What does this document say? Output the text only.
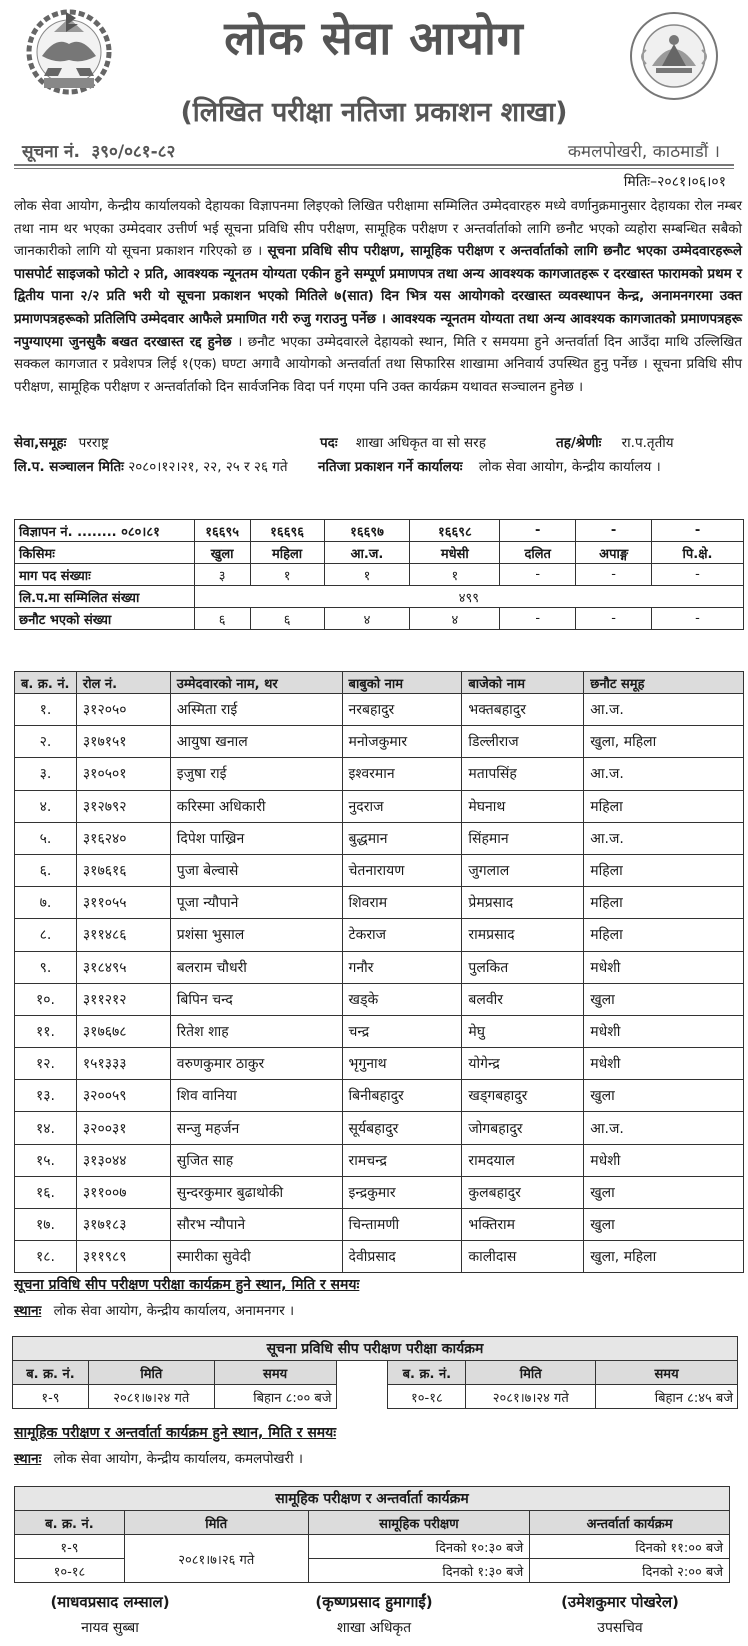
लोक सेवा आयोग
(लिखित परीक्षा नतिजा प्रकाशन शाखा)
सूचना नं. ३९०/०८१-८२	कमलपोखरी, काठमाडौं ।
मितिः–२०८१।०६।०१
लोक सेवा आयोग, केन्द्रीय कार्यालयको देहायका विज्ञापनमा लिइएको लिखित परीक्षामा सम्मिलित उम्मेदवारहरु मध्ये वर्णानुक्रमानुसार देहायका रोल नम्बर तथा नाम थर भएका उम्मेदवार उत्तीर्ण भई सूचना प्रविधि सीप परीक्षण, सामूहिक परीक्षण र अन्तर्वार्ताको लागि छनौट भएको व्यहोरा सम्बन्धित सबैको जानकारीको लागि यो सूचना प्रकाशन गरिएको छ । सूचना प्रविधि सीप परीक्षण, सामूहिक परीक्षण र अन्तर्वार्ताको लागि छनौट भएका उम्मेदवारहरूले पासपोर्ट साइजको फोटो २ प्रति, आवश्यक न्यूनतम योग्यता एकीन हुने सम्पूर्ण प्रमाणपत्र तथा अन्य आवश्यक कागजातहरू र दरखास्त फारामको प्रथम र द्वितीय पाना २/२ प्रति भरी यो सूचना प्रकाशन भएको मितिले ७(सात) दिन भित्र यस आयोगको दरखास्त व्यवस्थापन केन्द्र, अनामनगरमा उक्त प्रमाणपत्रहरूको प्रतिलिपि उम्मेदवार आफैले प्रमाणित गरी रुजु गराउनु पर्नेछ । आवश्यक न्यूनतम योग्यता तथा अन्य आवश्यक कागजातको प्रमाणपत्रहरू नपुग्याएमा जुनसुकै बखत दरखास्त रद्द हुनेछ । छनौट भएका उम्मेदवारले देहायको स्थान, मिति र समयमा हुने अन्तर्वार्ता दिन आउँदा माथि उल्लिखित सक्कल कागजात र प्रवेशपत्र लिई १(एक) घण्टा अगावै आयोगको अन्तर्वार्ता तथा सिफारिस शाखामा अनिवार्य उपस्थित हुनु पर्नेछ । सूचना प्रविधि सीप परीक्षण, सामूहिक परीक्षण र अन्तर्वार्ताको दिन सार्वजनिक विदा पर्न गएमा पनि उक्त कार्यक्रम यथावत सञ्चालन हुनेछ ।
सेवा,समूहः परराष्ट्र	पदः शाखा अधिकृत वा सो सरह	तह/श्रेणीः रा.प.तृतीय
लि.प. सञ्चालन मितिः २०८०।१२।२१, २२, २५ र २६ गते नतिजा प्रकाशन गर्ने कार्यालयः लोक सेवा आयोग, केन्द्रीय कार्यालय ।
विज्ञापन नं. ........ ०८०।८१	१६६९५	१६६९६	१६६९७	१६६९८	-	-	-
किसिमः	खुला	महिला	आ.ज.	मधेसी	दलित	अपाङ्ग	पि.क्षे.
माग पद संख्याः	३	१	१	१	-	-	-
लि.प.मा सम्मिलित संख्या	४९९						
छनौट भएको संख्या	६	६	४	४	-	-	-
ब. क्र. नं.	रोल नं.	उम्मेदवारको नाम, थर	बाबुको नाम	बाजेको नाम	छनौट समूह
१.	३१२०५०	अस्मिता राई	नरबहादुर	भक्तबहादुर	आ.ज.
२.	३१७१५१	आयुषा खनाल	मनोजकुमार	डिल्लीराज	खुला, महिला
३.	३१०५०१	इजुषा राई	इश्वरमान	मतापसिंह	आ.ज.
४.	३१२७९२	करिस्मा अधिकारी	नुदराज	मेघनाथ	महिला
५.	३१६२४०	दिपेश पाख्रिन	बुद्धमान	सिंहमान	आ.ज.
६.	३१७६१६	पुजा बेल्वासे	चेतनारायण	जुगलाल	महिला
७.	३११०५५	पूजा न्यौपाने	शिवराम	प्रेमप्रसाद	महिला
८.	३११४८६	प्रशंसा भुसाल	टेकराज	रामप्रसाद	महिला
९.	३१८४९५	बलराम चौधरी	गनौर	पुलकित	मधेशी
१०.	३११२१२	बिपिन चन्द	खड्के	बलवीर	खुला
११.	३१७६७८	रितेश शाह	चन्द्र	मेघु	मधेशी
१२.	१५१३३३	वरुणकुमार ठाकुर	भृगुनाथ	योगेन्द्र	मधेशी
१३.	३२००५९	शिव वानिया	बिनीबहादुर	खड्गबहादुर	खुला
१४.	३२००३१	सन्जु महर्जन	सूर्यबहादुर	जोगबहादुर	आ.ज.
१५.	३१३०४४	सुजित साह	रामचन्द्र	रामदयाल	मधेशी
१६.	३११००७	सुन्दरकुमार बुढाथोकी	इन्द्रकुमार	कुलबहादुर	खुला
१७.	३१७१८३	सौरभ न्यौपाने	चिन्तामणी	भक्तिराम	खुला
१८.	३११९८९	स्मारीका सुवेदी	देवीप्रसाद	कालीदास	खुला, महिला
सूचना प्रविधि सीप परीक्षण परीक्षा कार्यक्रम हुने स्थान, मिति र समयः
स्थानः लोक सेवा आयोग, केन्द्रीय कार्यालय, अनामनगर ।
सूचना प्रविधि सीप परीक्षण परीक्षा कार्यक्रम						
ब. क्र. नं.	मिति	समय		ब. क्र. नं.	मिति	समय
१-९	२०८१।७।२४ गते	बिहान ८:०० बजे		१०-१८	२०८१।७।२४ गते	बिहान ८:४५ बजे
सामूहिक परीक्षण र अन्तर्वार्ता कार्यक्रम हुने स्थान, मिति र समयः
स्थानः लोक सेवा आयोग, केन्द्रीय कार्यालय, कमलपोखरी ।
सामूहिक परीक्षण र अन्तर्वार्ता कार्यक्रम			
ब. क्र. नं.	मिति	सामूहिक परीक्षण	अन्तर्वार्ता कार्यक्रम
१-९	२०८१।७।२६ गते	दिनको १०:३० बजे	दिनको ११:०० बजे
१०-१८		दिनको १:३० बजे	दिनको २:०० बजे
(माधवप्रसाद लम्साल)
नायव सुब्बा
(कृष्णप्रसाद हुमागाईं)
शाखा अधिकृत
(उमेशकुमार पोखरेल)
उपसचिव
